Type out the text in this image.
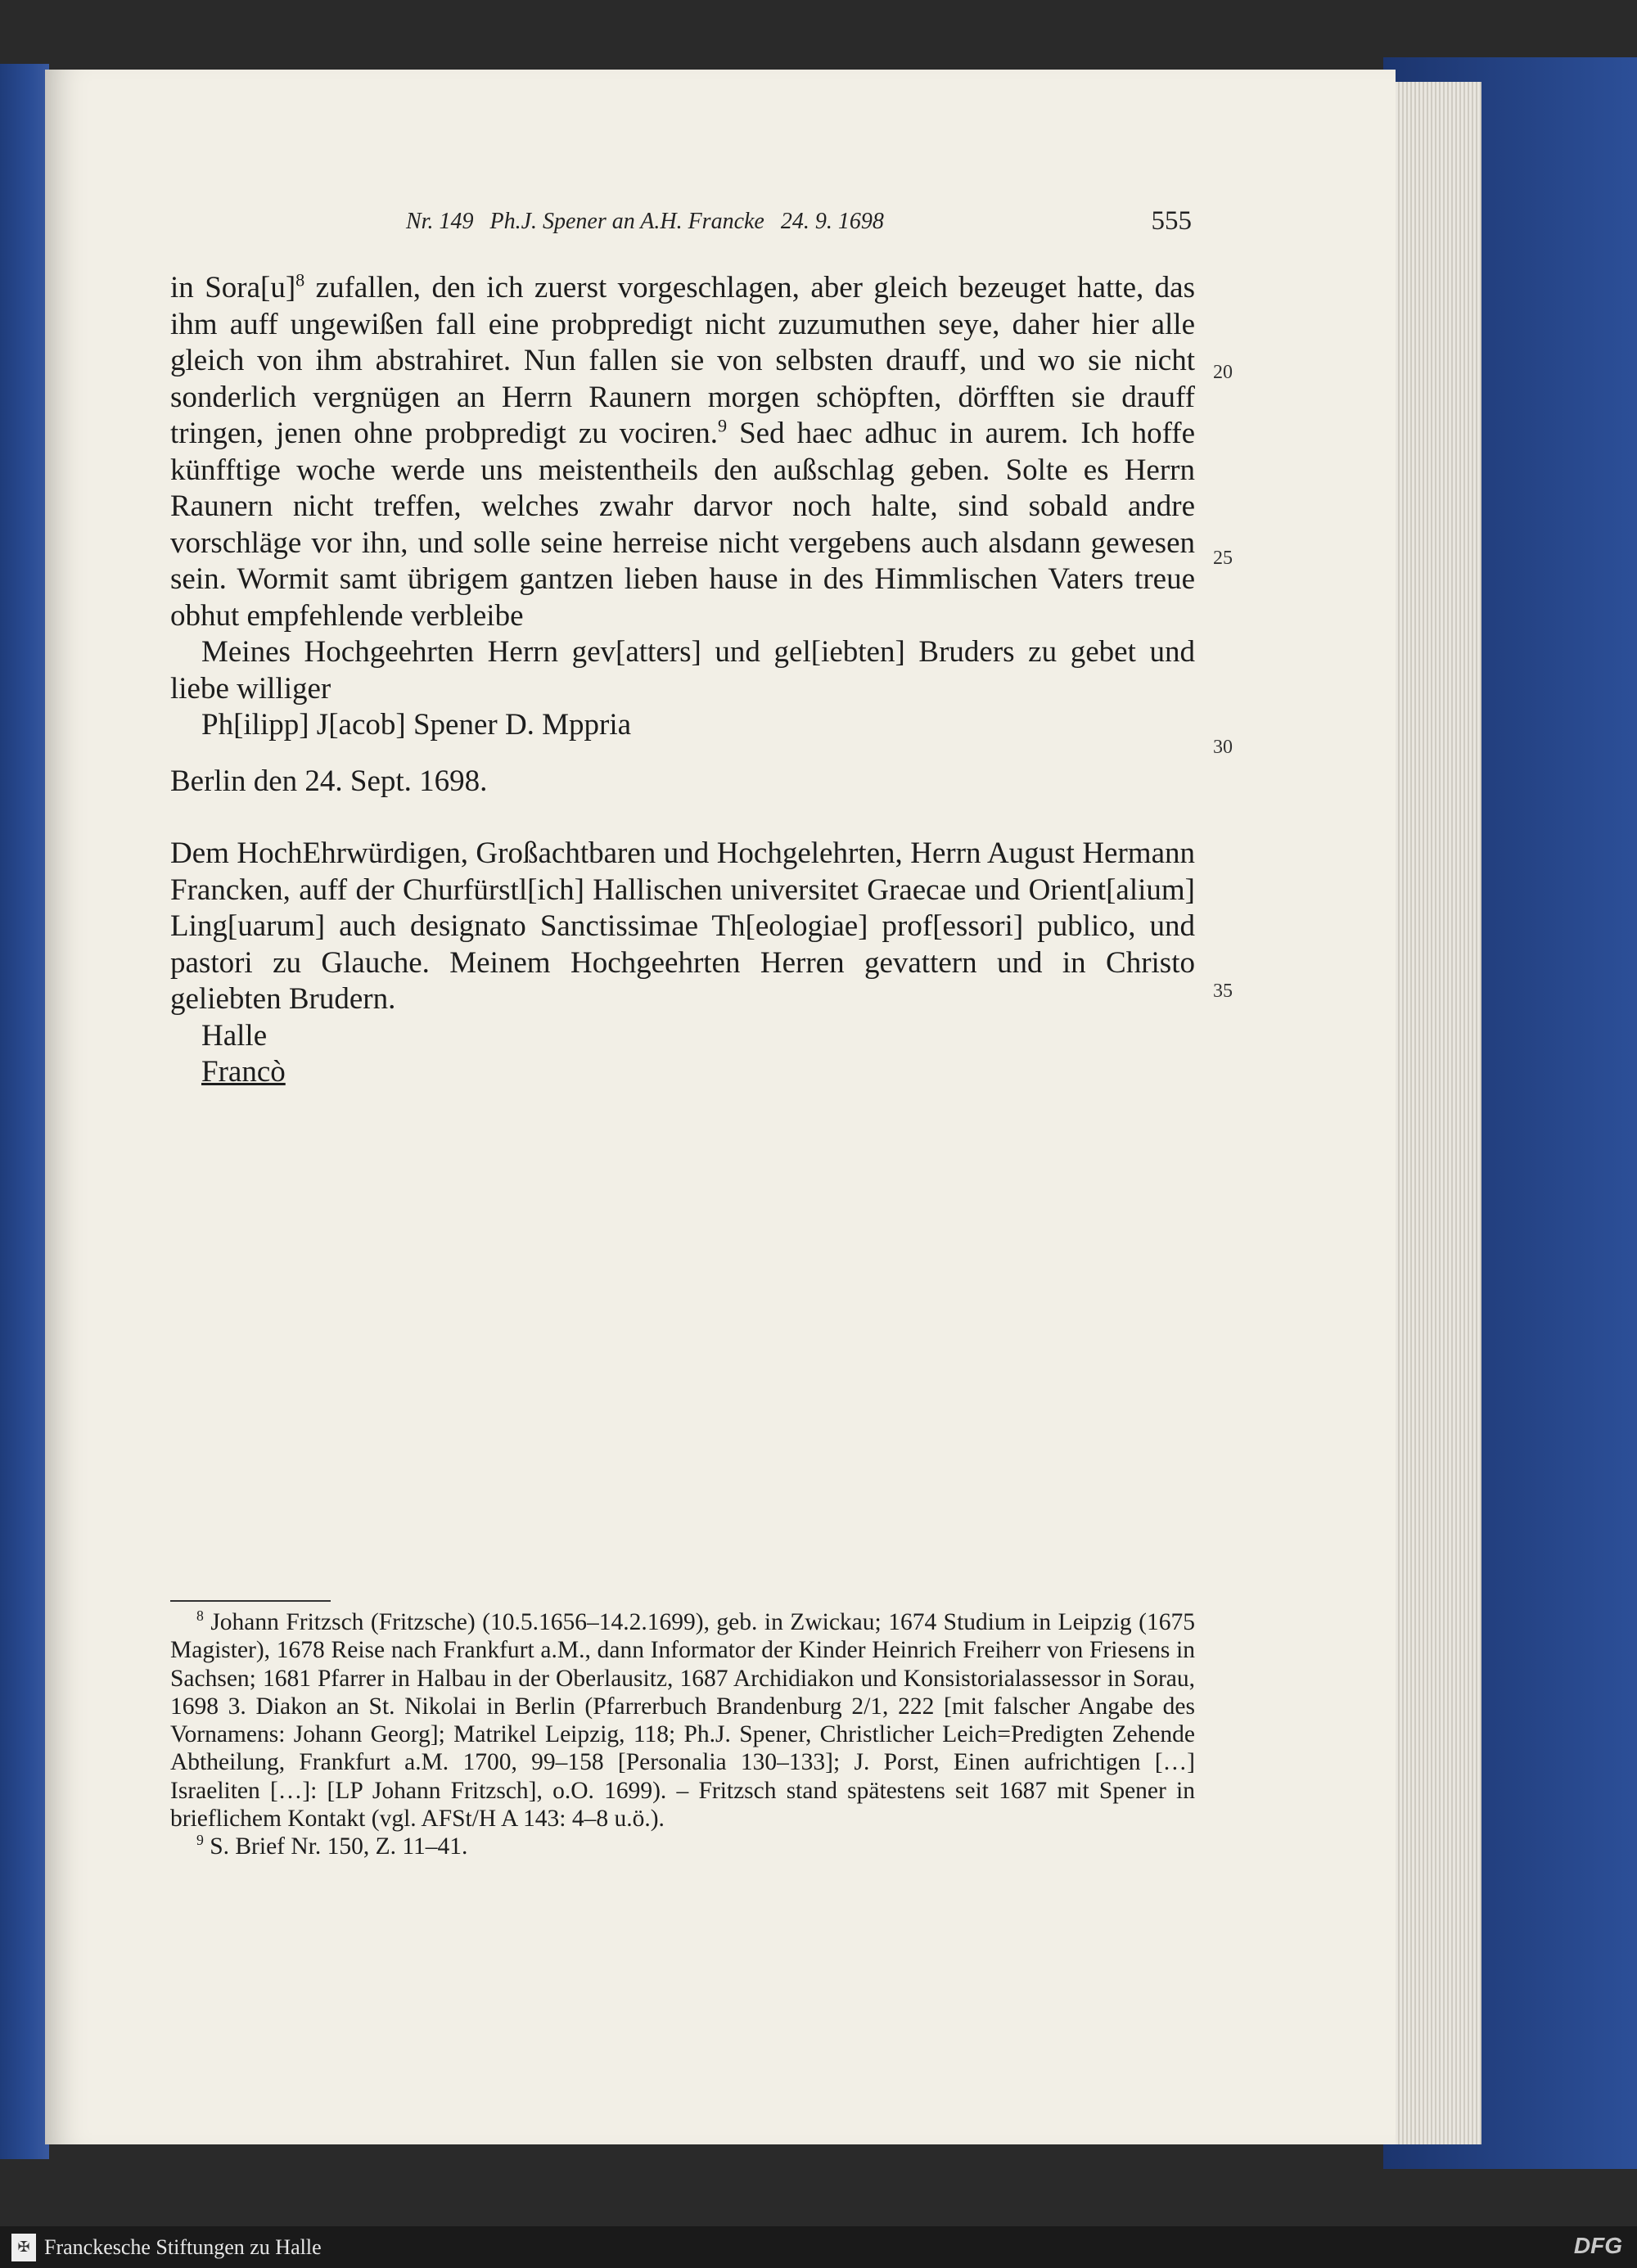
Nr. 149 Ph.J. Spener an A.H. Francke 24. 9. 1698	555

in $Sora[u]^8$ zufallen, den ich zuerst vorgeschlagen, aber gleich bezeuget hatte, das ihm auff ungewißen fall eine probpredigt nicht zuzumuthen seye, daher hier alle gleich von ihm abstrahiret. Nun fallen sie von selbsten drauff, und wo sie nicht sonderlich vergnügen an Herrn Raunern morgen schöpften, dörfften sie drauff tringen, jenen ohne probpredigt zu vociren.$^9$ Sed haec adhuc in aurem. Ich hoffe künfftige woche werde uns meistentheils den außschlag geben. Solte es Herrn Raunern nicht treffen, welches zwahr darvor noch halte, sind sobald andre vorschläge vor ihn, und solle seine herreise nicht vergebens auch alsdann gewesen sein. Wormit samt übrigem gantzen lieben hause in des Himmlischen Vaters treue obhut empfehlende verbleibe

Meines Hochgeehrten Herrn gev[atters] und gel[iebten] Bruders zu gebet und liebe williger

Ph[ilipp] J[acob] Spener D. Mppria

Berlin den 24. Sept. 1698.

Dem HochEhrwürdigen, Großachtbaren und Hochgelehrten, Herrn August Hermann Francken, auff der Churfürstl[ich] Hallischen universitet Graecae und Orient[alium] Ling[uarum] auch designato Sanctissimae Th[eologiae] prof[essori] publico, und pastori zu Glauche. Meinem Hochgeehrten Herren gevattern und in Christo geliebten Brudern.

Halle

Francò

20
25
30
35

$^8$ Johann Fritzsch (Fritzsche) (10.5.1656–14.2.1699), geb. in Zwickau; 1674 Studium in Leipzig (1675 Magister), 1678 Reise nach Frankfurt a.M., dann Informator der Kinder Heinrich Freiherr von Friesens in Sachsen; 1681 Pfarrer in Halbau in der Oberlausitz, 1687 Archidiakon und Konsistorialassessor in Sorau, 1698 3. Diakon an St. Nikolai in Berlin (Pfarrerbuch Brandenburg 2/1, 222 [mit falscher Angabe des Vornamens: Johann Georg]; Matrikel Leipzig, 118; Ph.J. Spener, Christlicher Leich=Predigten Zehende Abtheilung, Frankfurt a.M. 1700, 99–158 [Personalia 130–133]; J. Porst, Einen aufrichtigen […] Israeliten […]: [LP Johann Fritzsch], o.O. 1699). – Fritzsch stand spätestens seit 1687 mit Spener in brieflichem Kontakt (vgl. AFSt/H A 143: 4–8 u.ö.).

$^9$ S. Brief Nr. 150, Z. 11–41.

✠ Franckesche Stiftungen zu Halle	DFG
